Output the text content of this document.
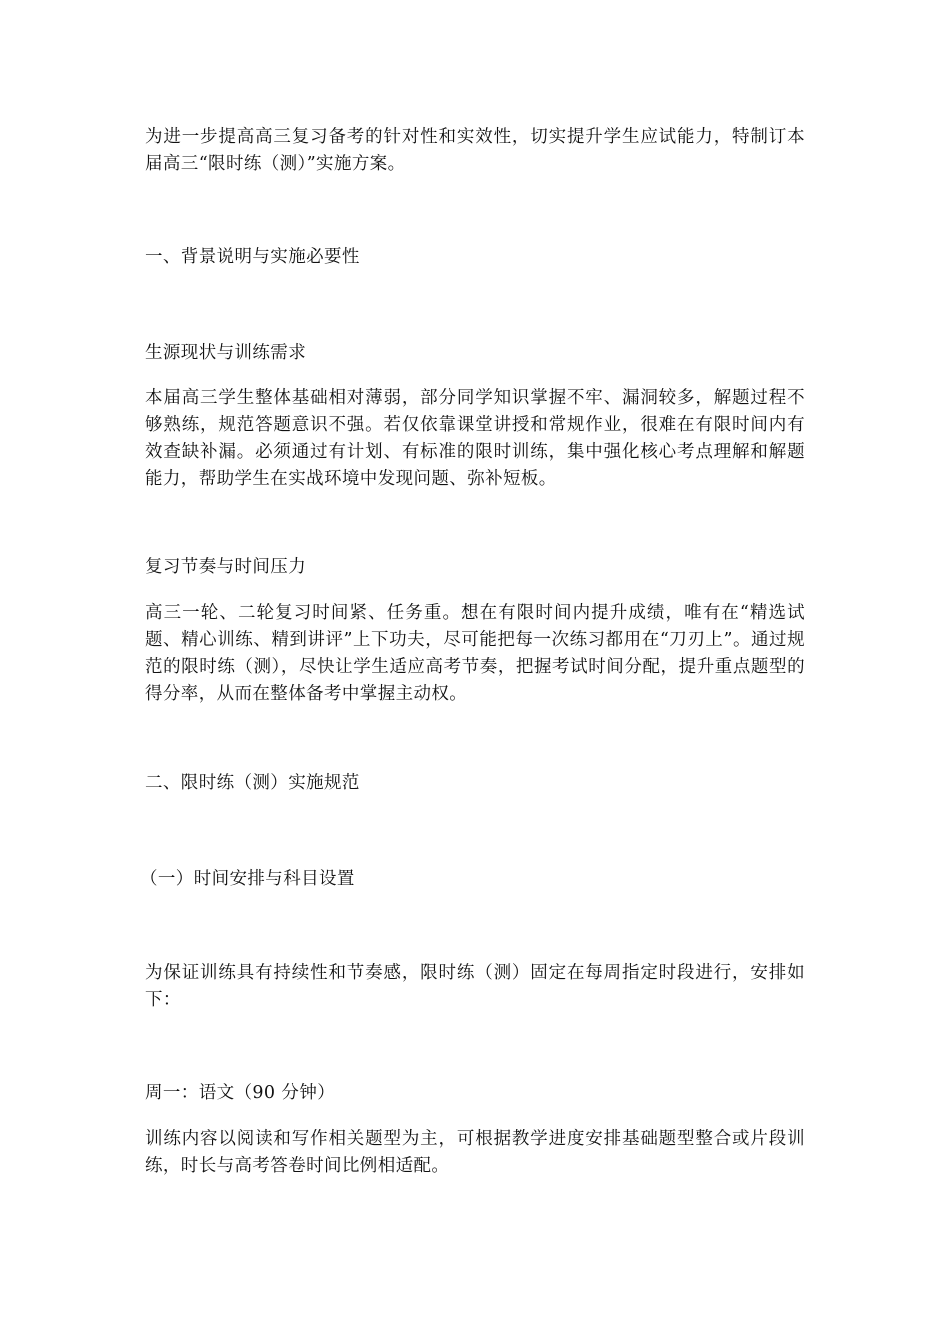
为进一步提高高三复习备考的针对性和实效性，切实提升学生应试能力，特制订本届高三“限时练（测）”实施方案。

一、背景说明与实施必要性

生源现状与训练需求

本届高三学生整体基础相对薄弱，部分同学知识掌握不牢、漏洞较多，解题过程不够熟练，规范答题意识不强。若仅依靠课堂讲授和常规作业，很难在有限时间内有效查缺补漏。必须通过有计划、有标准的限时训练，集中强化核心考点理解和解题能力，帮助学生在实战环境中发现问题、弥补短板。

复习节奏与时间压力

高三一轮、二轮复习时间紧、任务重。想在有限时间内提升成绩，唯有在“精选试题、精心训练、精到讲评”上下功夫，尽可能把每一次练习都用在“刀刃上”。通过规范的限时练（测），尽快让学生适应高考节奏，把握考试时间分配，提升重点题型的得分率，从而在整体备考中掌握主动权。

二、限时练（测）实施规范

（一）时间安排与科目设置

为保证训练具有持续性和节奏感，限时练（测）固定在每周指定时段进行，安排如下：

周一：语文（90 分钟）

训练内容以阅读和写作相关题型为主，可根据教学进度安排基础题型整合或片段训练，时长与高考答卷时间比例相适配。
